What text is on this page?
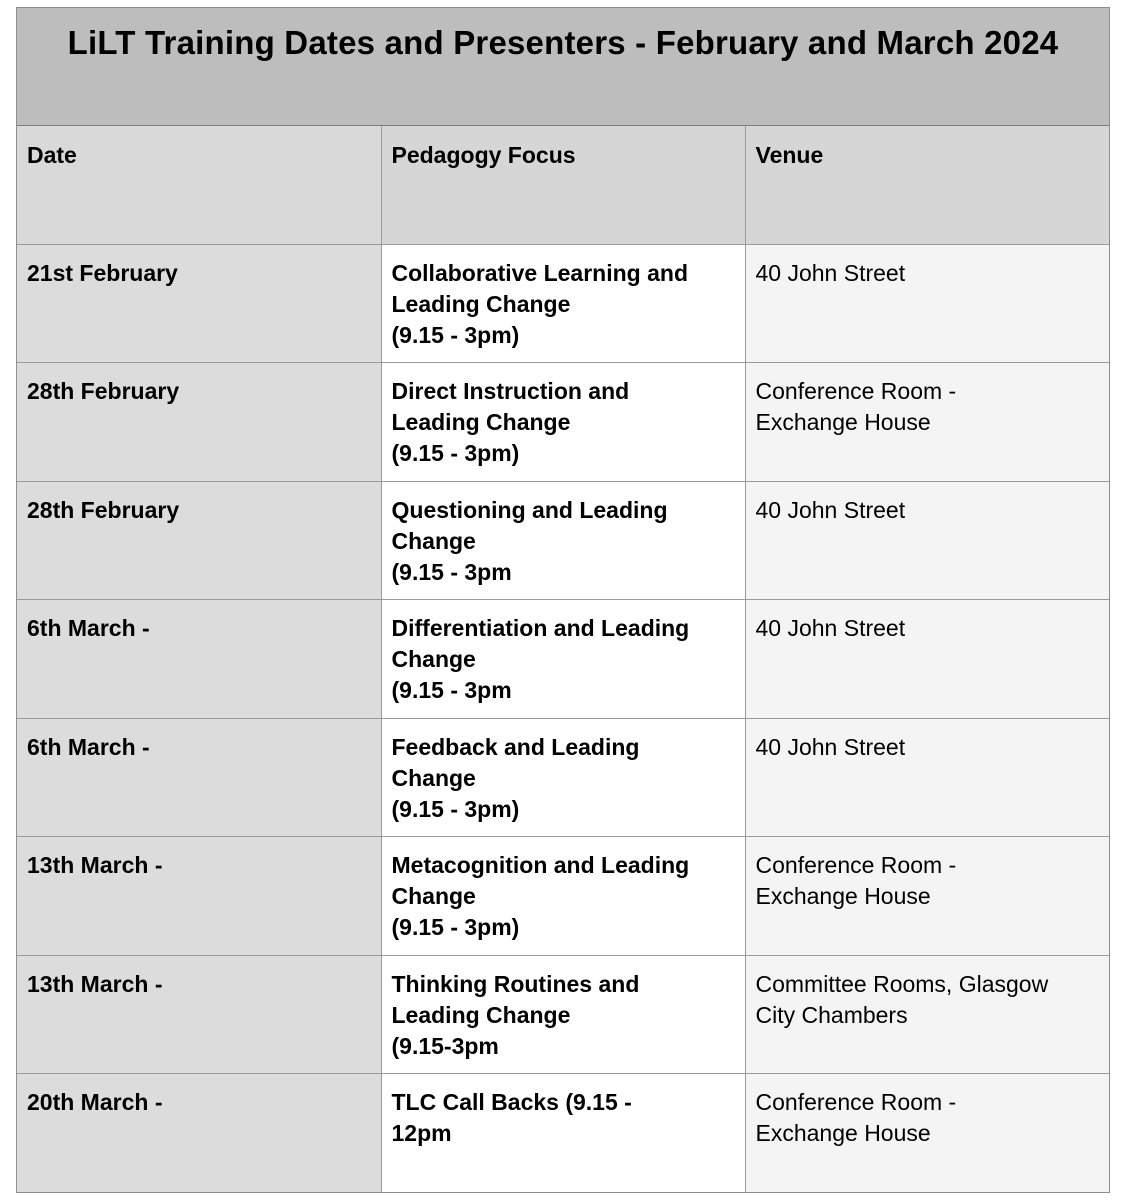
LiLT Training Dates and Presenters - February and March 2024
Date	Pedagogy Focus	Venue
21st February	Collaborative Learning and
Leading Change
(9.15 - 3pm)	40 John Street

28th February	Direct Instruction and
Leading Change
(9.15 - 3pm)	Conference Room -
Exchange House

28th February	Questioning and Leading
Change
(9.15 - 3pm	40 John Street

6th March -	Differentiation and Leading
Change
(9.15 - 3pm	40 John Street

6th March -	Feedback and Leading
Change
(9.15 - 3pm)	40 John Street

13th March -	Metacognition and Leading
Change
(9.15 - 3pm)	Conference Room -
Exchange House

13th March -	Thinking Routines and
Leading Change
(9.15-3pm	Committee Rooms, Glasgow
City Chambers

20th March -	TLC Call Backs (9.15 -
12pm	Conference Room -
Exchange House
